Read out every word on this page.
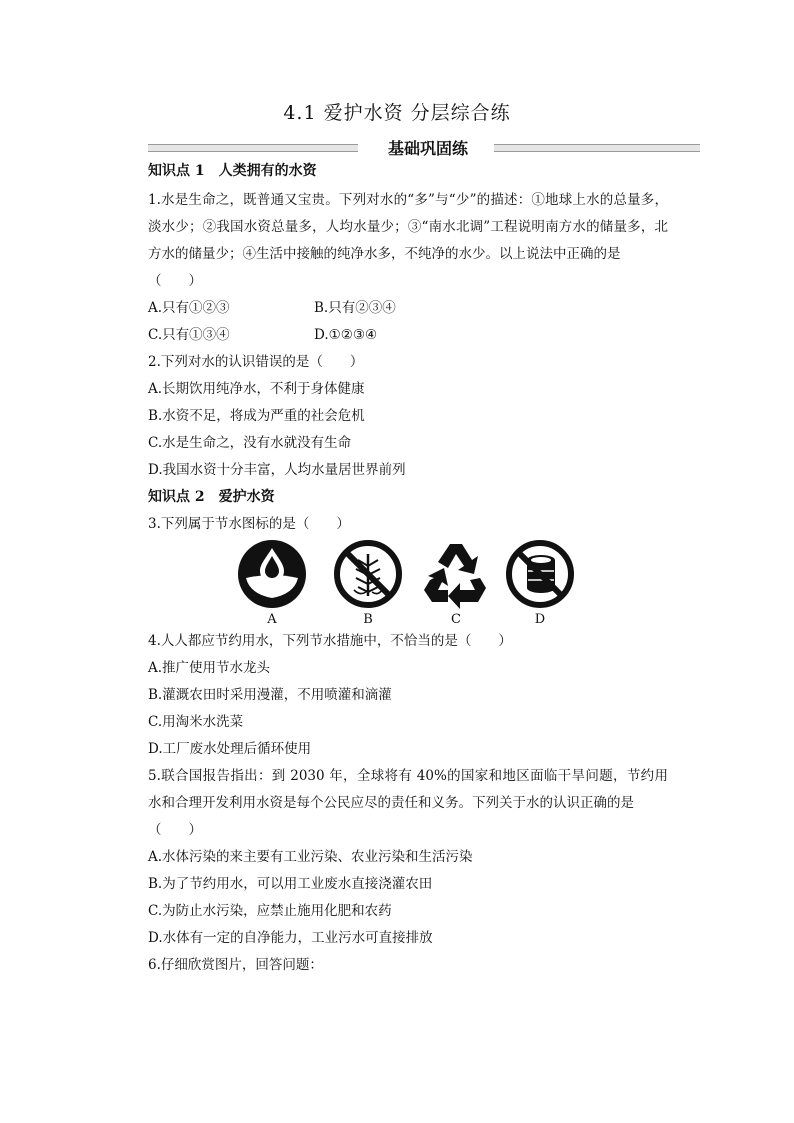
4.1 爱护水资 分层综合练
基础巩固练
知识点 1　人类拥有的水资
1.水是生命之，既普通又宝贵。下列对水的“多”与“少”的描述：①地球上水的总量多，淡水少；②我国水资总量多，人均水量少；③“南水北调”工程说明南方水的储量多，北方水的储量少；④生活中接触的纯净水多，不纯净的水少。以上说法中正确的是
（　　）
A.只有①②③	B.只有②③④
C.只有①③④	D.①②③④
2.下列对水的认识错误的是（　　）
A.长期饮用纯净水，不利于身体健康
B.水资不足，将成为严重的社会危机
C.水是生命之，没有水就没有生命
D.我国水资十分丰富，人均水量居世界前列
知识点 2　爱护水资
3.下列属于节水图标的是（　　）
A	B	C	D
4.人人都应节约用水，下列节水措施中，不恰当的是（　　）
A.推广使用节水龙头
B.灌溉农田时采用漫灌，不用喷灌和滴灌
C.用淘米水洗菜
D.工厂废水处理后循环使用
5.联合国报告指出：到 2030 年，全球将有 40%的国家和地区面临干旱问题，节约用水和合理开发利用水资是每个公民应尽的责任和义务。下列关于水的认识正确的是
（　　）
A.水体污染的来主要有工业污染、农业污染和生活污染
B.为了节约用水，可以用工业废水直接浇灌农田
C.为防止水污染，应禁止施用化肥和农药
D.水体有一定的自净能力，工业污水可直接排放
6.仔细欣赏图片，回答问题：
